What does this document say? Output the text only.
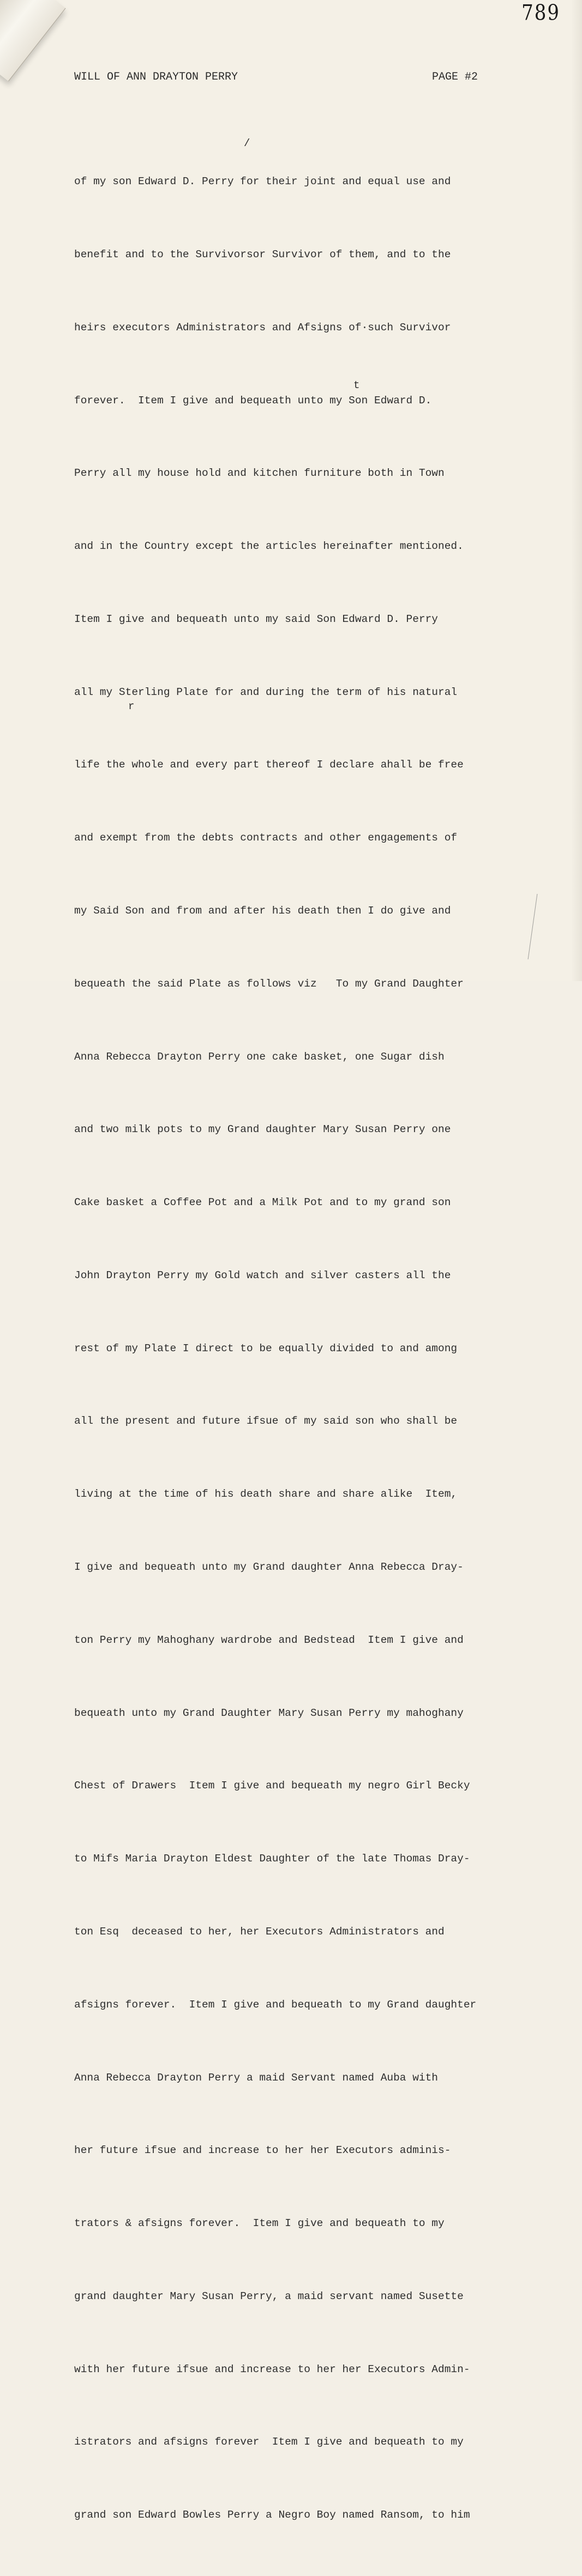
789
WILL OF ANN DRAYTON PERRY	PAGE #2

of my son Edward D. Perry for their joint and equal use and

benefit and to the Survivorsor Survivor of them, and to the

heirs executors Administrators and Afsigns of·such Survivor

forever.  Item I give and bequeath unto my Son Edward D.

Perry all my house hold and kitchen furniture both in Town

and in the Country except the articles hereinafter mentioned.

Item I give and bequeath unto my said Son Edward D. Perry

all my Sterling Plate for and during the term of his natural

life the whole and every part thereof I declare ahall be free

and exempt from the debts contracts and other engagements of

my Said Son and from and after his death then I do give and

bequeath the said Plate as follows viz   To my Grand Daughter

Anna Rebecca Drayton Perry one cake basket, one Sugar dish

and two milk pots to my Grand daughter Mary Susan Perry one

Cake basket a Coffee Pot and a Milk Pot and to my grand son

John Drayton Perry my Gold watch and silver casters all the

rest of my Plate I direct to be equally divided to and among

all the present and future ifsue of my said son who shall be

living at the time of his death share and share alike  Item,

I give and bequeath unto my Grand daughter Anna Rebecca Dray-

ton Perry my Mahoghany wardrobe and Bedstead  Item I give and

bequeath unto my Grand Daughter Mary Susan Perry my mahoghany

Chest of Drawers  Item I give and bequeath my negro Girl Becky

to Mifs Maria Drayton Eldest Daughter of the late Thomas Dray-

ton Esq  deceased to her, her Executors Administrators and

afsigns forever.  Item I give and bequeath to my Grand daughter

Anna Rebecca Drayton Perry a maid Servant named Auba with

her future ifsue and increase to her her Executors adminis-

trators & afsigns forever.  Item I give and bequeath to my

grand daughter Mary Susan Perry, a maid servant named Susette

with her future ifsue and increase to her her Executors Admin-

istrators and afsigns forever  Item I give and bequeath to my

grand son Edward Bowles Perry a Negro Boy named Ransom, to him

/
t
r
